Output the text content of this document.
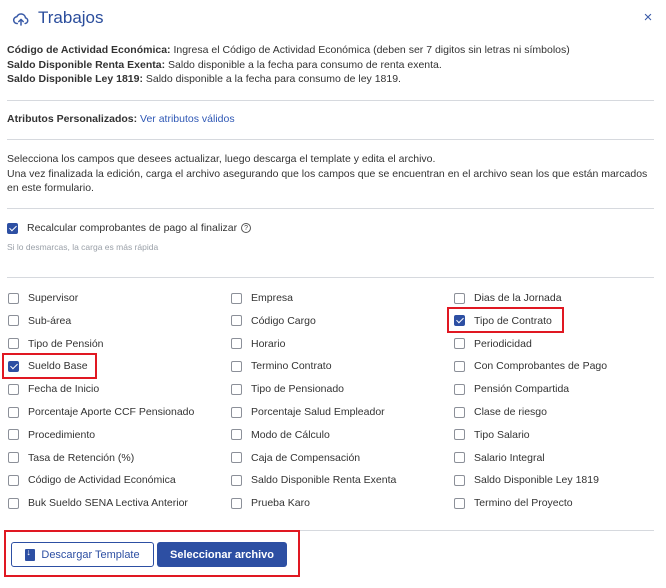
Trabajos	×
Código de Actividad Económica: Ingresa el Código de Actividad Económica (deben ser 7 digitos sin letras ni símbolos)
Saldo Disponible Renta Exenta: Saldo disponible a la fecha para consumo de renta exenta.
Saldo Disponible Ley 1819: Saldo disponible a la fecha para consumo de ley 1819.
Atributos Personalizados: Ver atributos válidos
Selecciona los campos que desees actualizar, luego descarga el template y edita el archivo.
Una vez finalizada la edición, carga el archivo asegurando que los campos que se encuentran en el archivo sean los que están marcados en este formulario.
Recalcular comprobantes de pago al finalizar	?
Si lo desmarcas, la carga es más rápida
Supervisor	Empresa	Dias de la Jornada
Sub-área	Código Cargo	Tipo de Contrato
Tipo de Pensión	Horario	Periodicidad
Sueldo Base	Termino Contrato	Con Comprobantes de Pago
Fecha de Inicio	Tipo de Pensionado	Pensión Compartida
Porcentaje Aporte CCF Pensionado	Porcentaje Salud Empleador	Clase de riesgo
Procedimiento	Modo de Cálculo	Tipo Salario
Tasa de Retención (%)	Caja de Compensación	Salario Integral
Código de Actividad Económica	Saldo Disponible Renta Exenta	Saldo Disponible Ley 1819
Buk Sueldo SENA Lectiva Anterior	Prueba Karo	Termino del Proyecto
↓
Descargar Template	Seleccionar archivo
